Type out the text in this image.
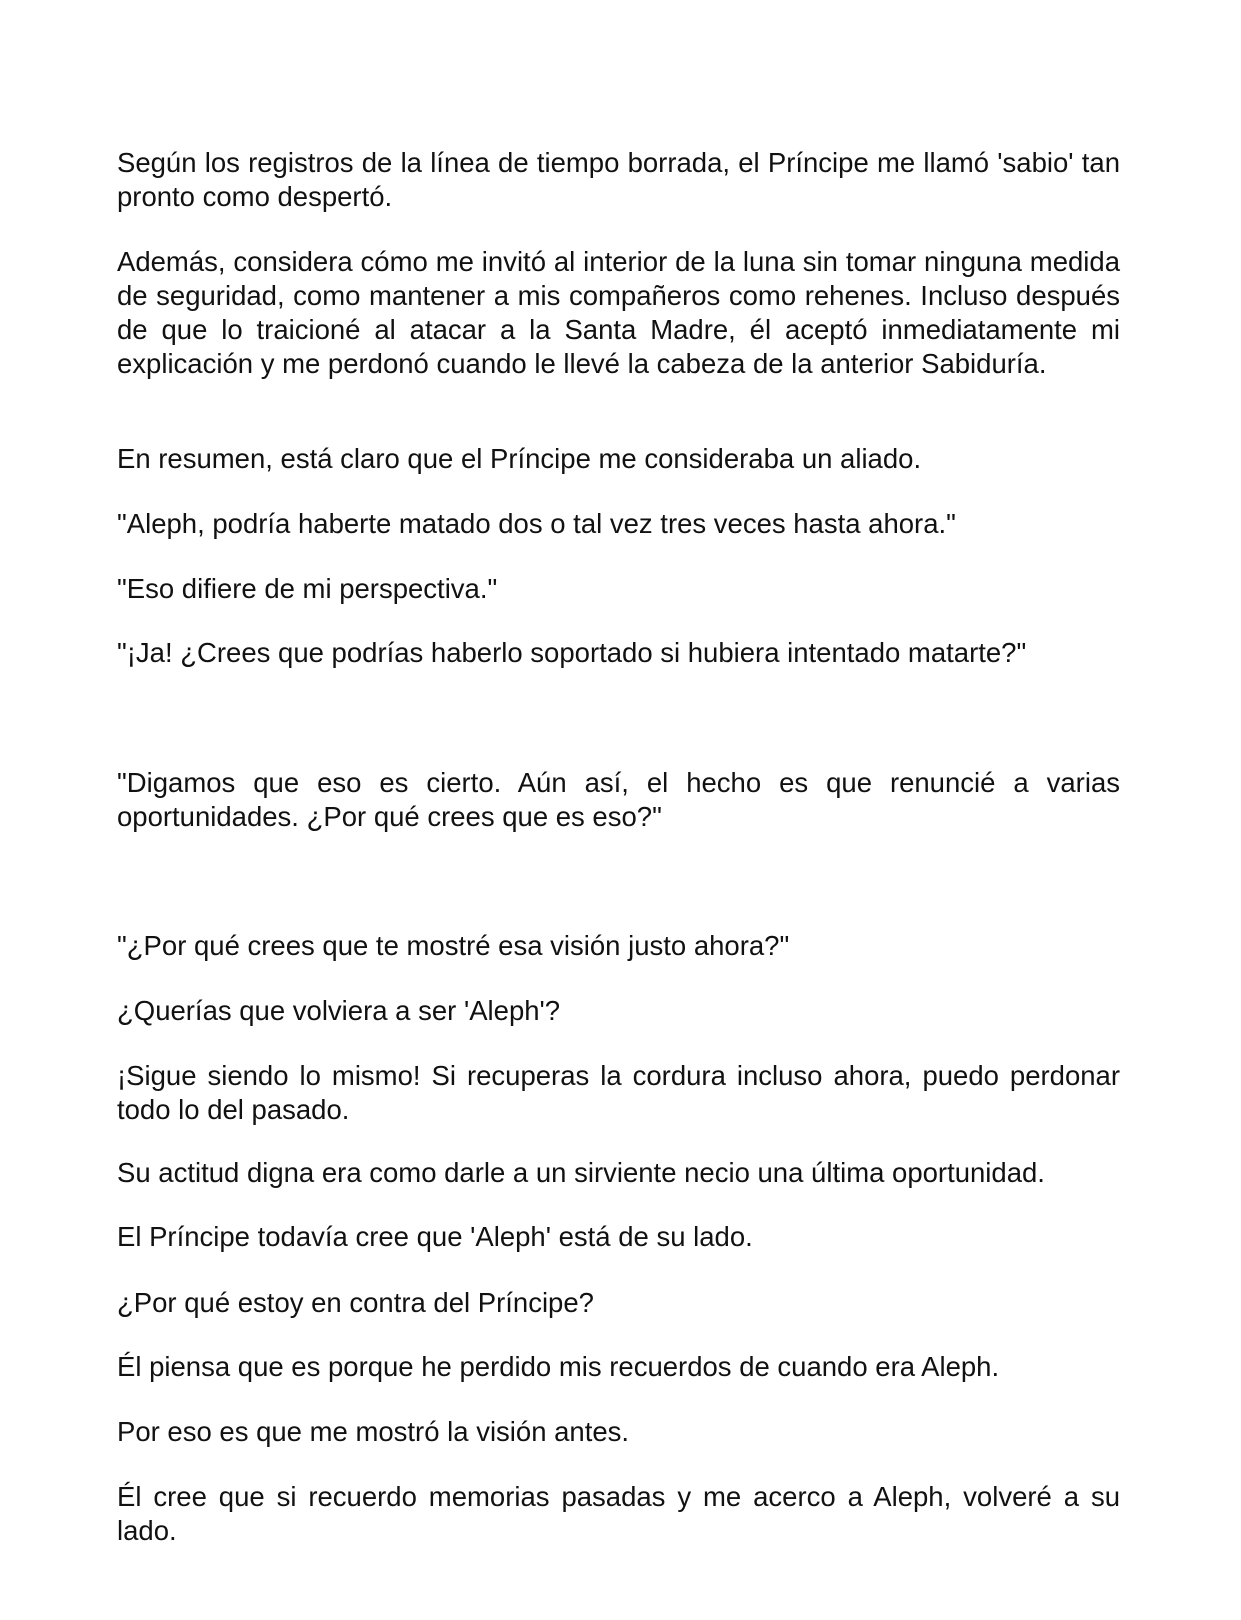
Según los registros de la línea de tiempo borrada, el Príncipe me llamó 'sabio' tan pronto como despertó.

Además, considera cómo me invitó al interior de la luna sin tomar ninguna medida de seguridad, como mantener a mis compañeros como rehenes. Incluso después de que lo traicioné al atacar a la Santa Madre, él aceptó inmediatamente mi explicación y me perdonó cuando le llevé la cabeza de la anterior Sabiduría.

En resumen, está claro que el Príncipe me consideraba un aliado.

"Aleph, podría haberte matado dos o tal vez tres veces hasta ahora."

"Eso difiere de mi perspectiva."

"¡Ja! ¿Crees que podrías haberlo soportado si hubiera intentado matarte?"

"Digamos que eso es cierto. Aún así, el hecho es que renuncié a varias oportunidades. ¿Por qué crees que es eso?"

"¿Por qué crees que te mostré esa visión justo ahora?"

¿Querías que volviera a ser 'Aleph'?

¡Sigue siendo lo mismo! Si recuperas la cordura incluso ahora, puedo perdonar todo lo del pasado.

Su actitud digna era como darle a un sirviente necio una última oportunidad.

El Príncipe todavía cree que 'Aleph' está de su lado.

¿Por qué estoy en contra del Príncipe?

Él piensa que es porque he perdido mis recuerdos de cuando era Aleph.

Por eso es que me mostró la visión antes.

Él cree que si recuerdo memorias pasadas y me acerco a Aleph, volveré a su lado.
